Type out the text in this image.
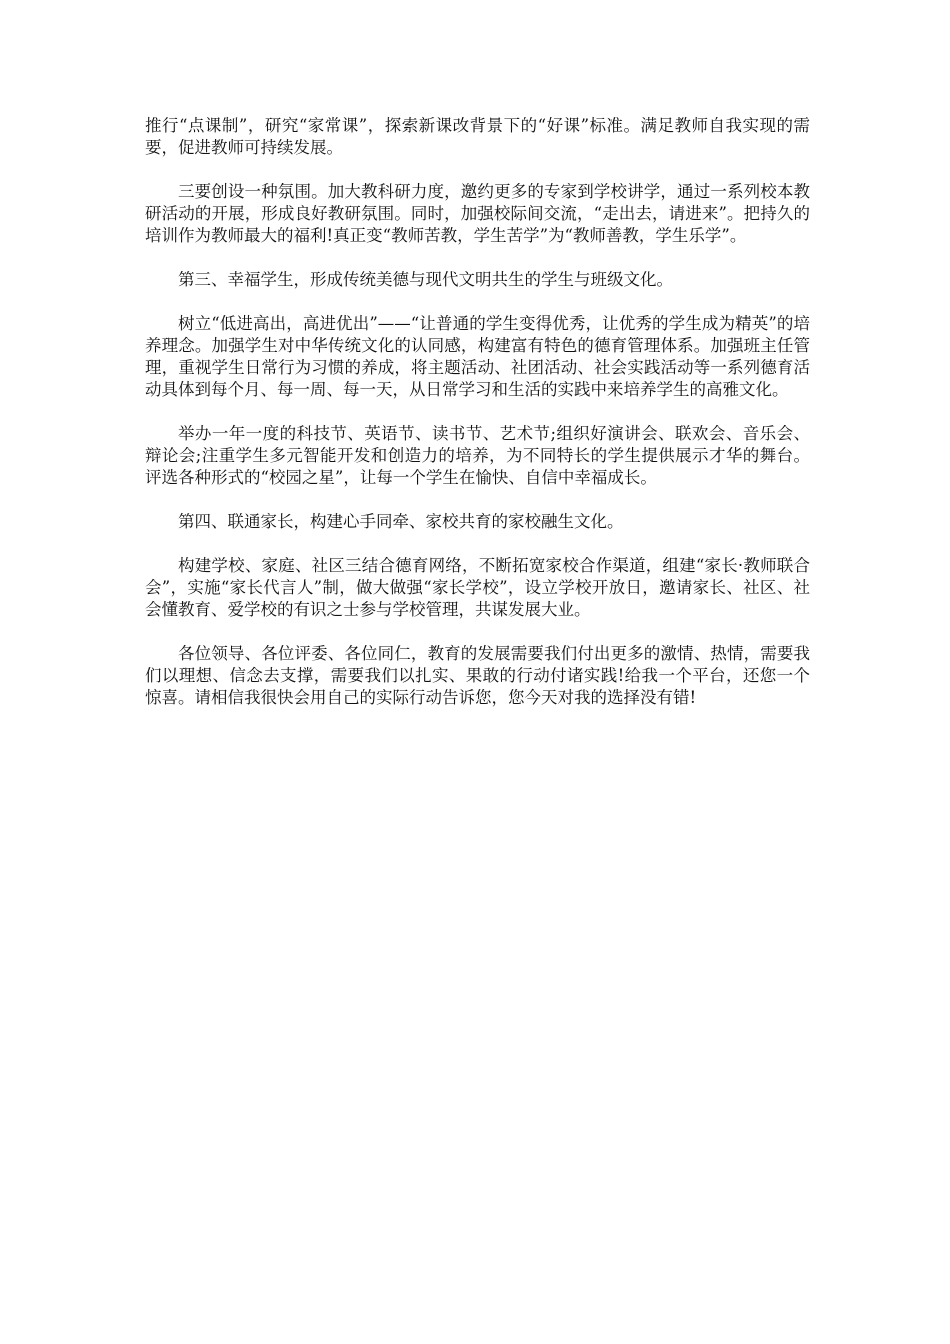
推行“点课制”，研究“家常课”，探索新课改背景下的“好课”标准。满足教师自我实现的需要，促进教师可持续发展。

三要创设一种氛围。加大教科研力度，邀约更多的专家到学校讲学，通过一系列校本教研活动的开展，形成良好教研氛围。同时，加强校际间交流，“走出去，请进来”。把持久的培训作为教师最大的福利!真正变“教师苦教，学生苦学”为“教师善教，学生乐学”。

第三、幸福学生，形成传统美德与现代文明共生的学生与班级文化。

树立“低进高出，高进优出”——“让普通的学生变得优秀，让优秀的学生成为精英”的培养理念。加强学生对中华传统文化的认同感，构建富有特色的德育管理体系。加强班主任管理，重视学生日常行为习惯的养成，将主题活动、社团活动、社会实践活动等一系列德育活动具体到每个月、每一周、每一天，从日常学习和生活的实践中来培养学生的高雅文化。

举办一年一度的科技节、英语节、读书节、艺术节;组织好演讲会、联欢会、音乐会、辩论会;注重学生多元智能开发和创造力的培养，为不同特长的学生提供展示才华的舞台。评选各种形式的“校园之星”，让每一个学生在愉快、自信中幸福成长。

第四、联通家长，构建心手同牵、家校共育的家校融生文化。

构建学校、家庭、社区三结合德育网络，不断拓宽家校合作渠道，组建“家长·教师联合会”，实施“家长代言人”制，做大做强“家长学校”，设立学校开放日，邀请家长、社区、社会懂教育、爱学校的有识之士参与学校管理，共谋发展大业。

各位领导、各位评委、各位同仁，教育的发展需要我们付出更多的激情、热情，需要我们以理想、信念去支撑，需要我们以扎实、果敢的行动付诸实践!给我一个平台，还您一个惊喜。请相信我很快会用自己的实际行动告诉您，您今天对我的选择没有错!
